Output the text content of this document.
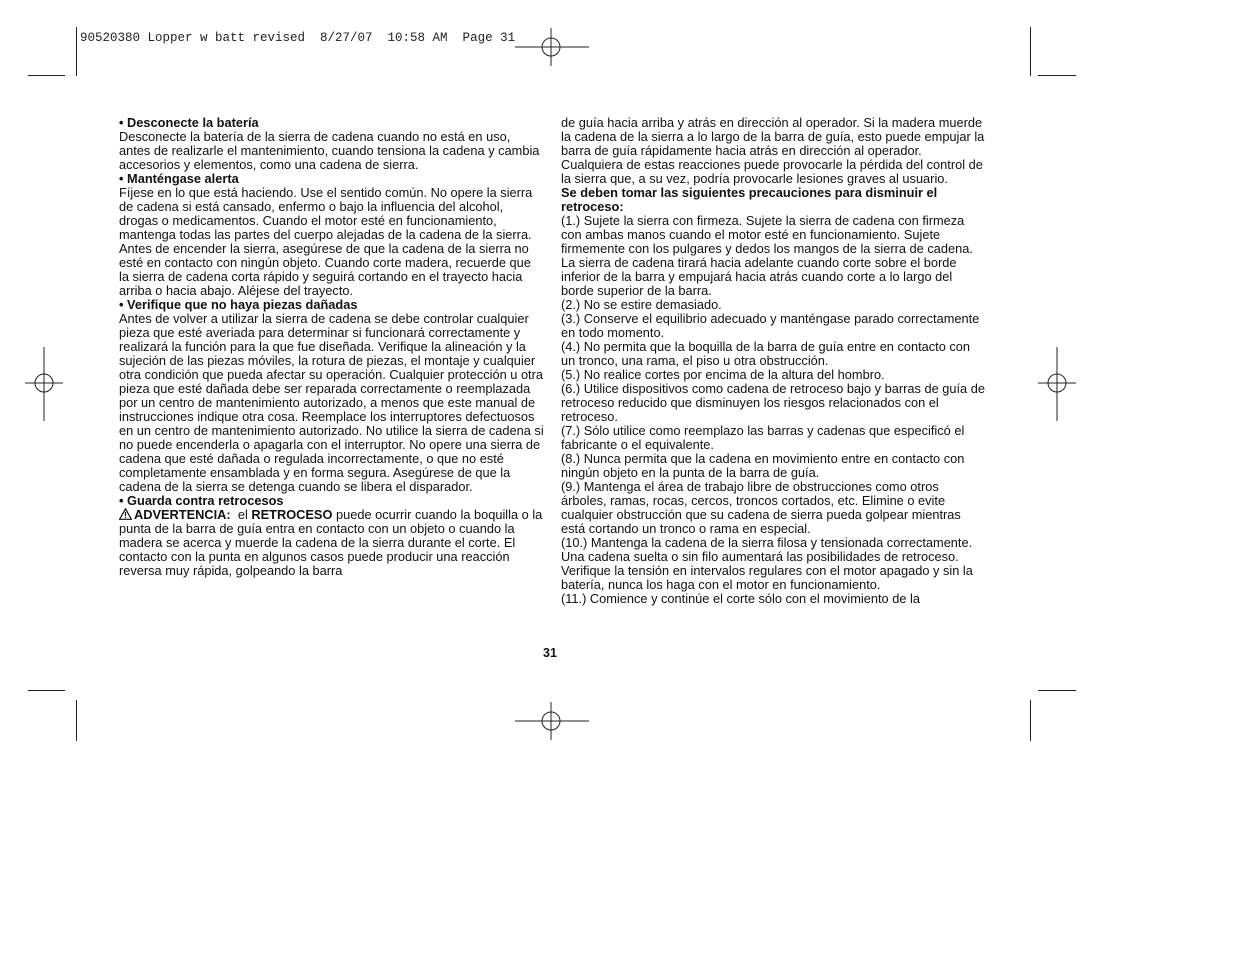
90520380 Lopper w batt revised  8/27/07  10:58 AM  Page 31

• Desconecte la batería

Desconecte la batería de la sierra de cadena cuando no está en uso, antes de realizarle el mantenimiento, cuando tensiona la cadena y cambia accesorios y elementos, como una cadena de sierra.

• Manténgase alerta

Fíjese en lo que está haciendo. Use el sentido común. No opere la sierra de cadena si está cansado, enfermo o bajo la influencia del alcohol, drogas o medicamentos. Cuando el motor esté en funcionamiento, mantenga todas las partes del cuerpo alejadas de la cadena de la sierra. Antes de encender la sierra, asegúrese de que la cadena de la sierra no esté en contacto con ningún objeto. Cuando corte madera, recuerde que la sierra de cadena corta rápido y seguirá cortando en el trayecto hacia arriba o hacia abajo. Aléjese del trayecto.

• Verifique que no haya piezas dañadas

Antes de volver a utilizar la sierra de cadena se debe controlar cualquier pieza que esté averiada para determinar si funcionará correctamente y realizará la función para la que fue diseñada. Verifique la alineación y la sujeción de las piezas móviles, la rotura de piezas, el montaje y cualquier otra condición que pueda afectar su operación. Cualquier protección u otra pieza que esté dañada debe ser reparada correctamente o reemplazada por un centro de mantenimiento autorizado, a menos que este manual de instrucciones indique otra cosa. Reemplace los interruptores defectuosos en un centro de mantenimiento autorizado. No utilice la sierra de cadena si no puede encenderla o apagarla con el interruptor. No opere una sierra de cadena que esté dañada o regulada incorrectamente, o que no esté completamente ensamblada y en forma segura. Asegúrese de que la cadena de la sierra se detenga cuando se libera el disparador.

• Guarda contra retrocesos

ADVERTENCIA: el RETROCESO puede ocurrir cuando la boquilla o la punta de la barra de guía entra en contacto con un objeto o cuando la madera se acerca y muerde la cadena de la sierra durante el corte. El contacto con la punta en algunos casos puede producir una reacción reversa muy rápida, golpeando la barra

de guía hacia arriba y atrás en dirección al operador. Si la madera muerde la cadena de la sierra a lo largo de la barra de guía, esto puede empujar la barra de guía rápidamente hacia atrás en dirección al operador. Cualquiera de estas reacciones puede provocarle la pérdida del control de la sierra que, a su vez, podría provocarle lesiones graves al usuario.

Se deben tomar las siguientes precauciones para disminuir el retroceso:

(1.) Sujete la sierra con firmeza. Sujete la sierra de cadena con firmeza con ambas manos cuando el motor esté en funcionamiento. Sujete firmemente con los pulgares y dedos los mangos de la sierra de cadena. La sierra de cadena tirará hacia adelante cuando corte sobre el borde inferior de la barra y empujará hacia atrás cuando corte a lo largo del borde superior de la barra.

(2.) No se estire demasiado.

(3.) Conserve el equilibrio adecuado y manténgase parado correctamente en todo momento.

(4.) No permita que la boquilla de la barra de guía entre en contacto con un tronco, una rama, el piso u otra obstrucción.

(5.) No realice cortes por encima de la altura del hombro.

(6.) Utilice dispositivos como cadena de retroceso bajo y barras de guía de retroceso reducido que disminuyen los riesgos relacionados con el retroceso.

(7.) Sólo utilice como reemplazo las barras y cadenas que especificó el fabricante o el equivalente.

(8.) Nunca permita que la cadena en movimiento entre en contacto con ningún objeto en la punta de la barra de guía.

(9.) Mantenga el área de trabajo libre de obstrucciones como otros árboles, ramas, rocas, cercos, troncos cortados, etc. Elimine o evite cualquier obstrucción que su cadena de sierra pueda golpear mientras está cortando un tronco o rama en especial.

(10.) Mantenga la cadena de la sierra filosa y tensionada correctamente. Una cadena suelta o sin filo aumentará las posibilidades de retroceso. Verifique la tensión en intervalos regulares con el motor apagado y sin la batería, nunca los haga con el motor en funcionamiento.

(11.) Comience y continúe el corte sólo con el movimiento de la

31
